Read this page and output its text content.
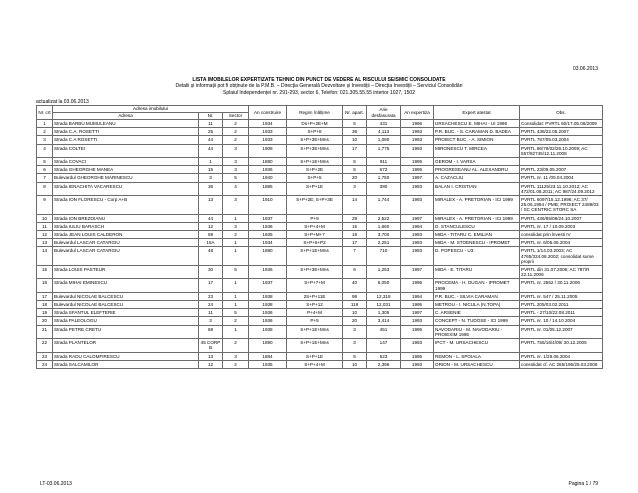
03.06.2013
LISTA IMOBILELOR EXPERTIZATE TEHNIC DIN PUNCT DE VEDERE AL RISCULUI SEISMIC CONSOLIDATE
Detalii și informații pot fi obținute de la P.M.B. – Direcția Generală Dezvoltare și Investiții – Direcția Investiții – Serviciul Consolidări
Splaiul Independenței nr. 291-293, sector 6, Telefon: 021.305.55.55 interior 1027, 1502
actualizat la 03.06.2013
Nr. crt	Adresa imobilului			An construire	Regim înălțime	Nr. apart.	Arie desfasurata	An expertiza	Expert atestat	Obs.
	Adresa	Nr.	Sector							
1	Strada BARBU MUMULEANU	11	2	1934	Ds+P+2E+M	5	431	1996	URSACHESCU E. MIHAI - UI 1996	Consolidat: PVRTL 60/17.05.06/2009
2	Strada C.A. ROSETTI	25	2	1933	S+P+8	36	4,113	1993	P.R. BUC. - S. CARAMAN D. BADEA	PVRTL 438/22.05.2007
3	Strada C.A ROSETTI	44	2	1933	S+P+3E+Mns	10	1,080	1993	PROIECT BUC. - A. SIMION	PVRTL 787/05.03.2004
4	Strada COLTEI	44	3	1908	S+P+3E+Mns	17	1,775	1993	MIRONESCU T. MIRCEA	PVRTL 86/79/02/26.10.2009; AC 557/82745/12.11.2008
5	Strada COVACI	1	3	1880	S+P+1E+Mns	5	911	1995	GEROM - I. VARSA	
6	Strada GHEORGHE MANEA	15	3	1936	S+P+2E	5	672	1995	PROGRESEANU AL. ALEXANDRU	PVRTL 23/09.05.2007
7	Bulevardul GHEORGHE MARINESCU	3	5	1940	S+P+5	20	1,750	1997	A. CAZACLIU	PVRTL nr. 11 /05.04.2004
8	Strada IENACHITA VACARESCU	36	4	1885	S+P+1E	3	380	1993	BALAN I. CRISTIAN	PVRTL 11125/23.11.10.2012; AC 472/01.08.2011; AC 987/24.09.2012
9	Strada ION FLORESCU - Corp A+B	13	3	1910	S+P+2E; S+P+3E	14	1,744	1993	MIRALEX - A. PRETORIAN - ICI 1999	PVRTL 6097/15.12.1996; AC 37/ 25.06.1994 / PMB; PROIECT 2489/03 / SC CENTRIC STORC SA
10	Strada ION BREZOIANU	44	1	1937	P+9	29	2,522	1997	MIRALEX - A. PRETORIAN - ICI 1999	PVRTL 436/85/08/24.10.2007
11	Strada IULIU BARASCH	12	3	1936	S+P+4+M	15	1,660	1994	D. STANCULESCU	PVRTL nr. 17 / 10.09.2003
12	Strada JEAN LOUIS CALDERON	59	2	1935	S+P+M+7	19	3,700	1993	MIDA - TITARU C. EMILIAN	consolidat prin lnvesti IV
13	Bulevardul LASCAR CATARGIU	15A	1	1934	S+P+5+P2	17	2,251	1993	MIDA - M. STOENESCU - IPROMET	PVRTL nr. 6/05.06.2004
14	Bulevardul LASCAR CATARGIU	48	1	1880	S+P+1E+Mns	7	710	1993	D. POPESCU - U3	PVRTL 1/14.03.2003; AC 4765/324.08.2002; consolidat surse proprii
15	Strada LOUIS PASTEUR	30	5	1936	S+P+3E+Mns	6	1,263	1997	MIDA - E. TITARU	PVRTL din 31.07.2006; AC 787/R 22.11.2006
16	Strada MIHAI EMINESCU	17	1	1937	S+P+7+M	40	6,050	1995	PROCEMA - H. DUGAN - IPROMET 1999	PVRTL nr. 2552 / 30.11.2006
17	Bulevardul NICOLAE BALCESCU	23	1	1938	2S+P+11E	98	12,318	1994	P.R. BUC. - SILVIA CARAMAN	PVRTL nr. 547 / 25.11.2005
18	Bulevardul NICOLAE BALCESCU	24	1	1938	S+P+12	119	12,031	1995	METROU - I. NICULA (N.TOPA)	PVRTL 205/03.02.2011
19	Strada SFANTUL ELEFTERIE	11	5	1936	P+4+M	10	1,305	1997	C. ARSENIE	PVRTL - 27/10/22.08.2011
20	Strada PALEOLOGU	3	2	1936	P+5	20	3,414	1993	CONCEPT - N. TUDOSE - ICI 1999	PVRTL nr. 10 / 14.10.2004
21	Strada PETRE CRETU	68	1	1938	S+P+1E+Mns	3	451	1995	NAVODARIU - M. NAVODARIU - PROIEXIM 1995	PVRTL nr. 01/05.12.2007
22	Strada PLANTELOR	45 CORP B	2	1890	S+P+1E+Mns	3	147	1993	IPCT - M. URSACHESCU	PVRTL 755/16/4/09/ 30.12.2005
23	Strada RADU CALOMFIRESCU	13	3	1884	S+P+1E	5	523	1995	REMON - L. SPOIALA	PVRTL nr. 1/29.06.2004
24	Strada SALCAMILOR	12	2	1935	S+P+4+M	10	2,396	1993	ORION - M. URSACHESCU	consolidat cf. AC 265/195/25.03.2008
LT-03.06.2013	Pagina 1 / 79
